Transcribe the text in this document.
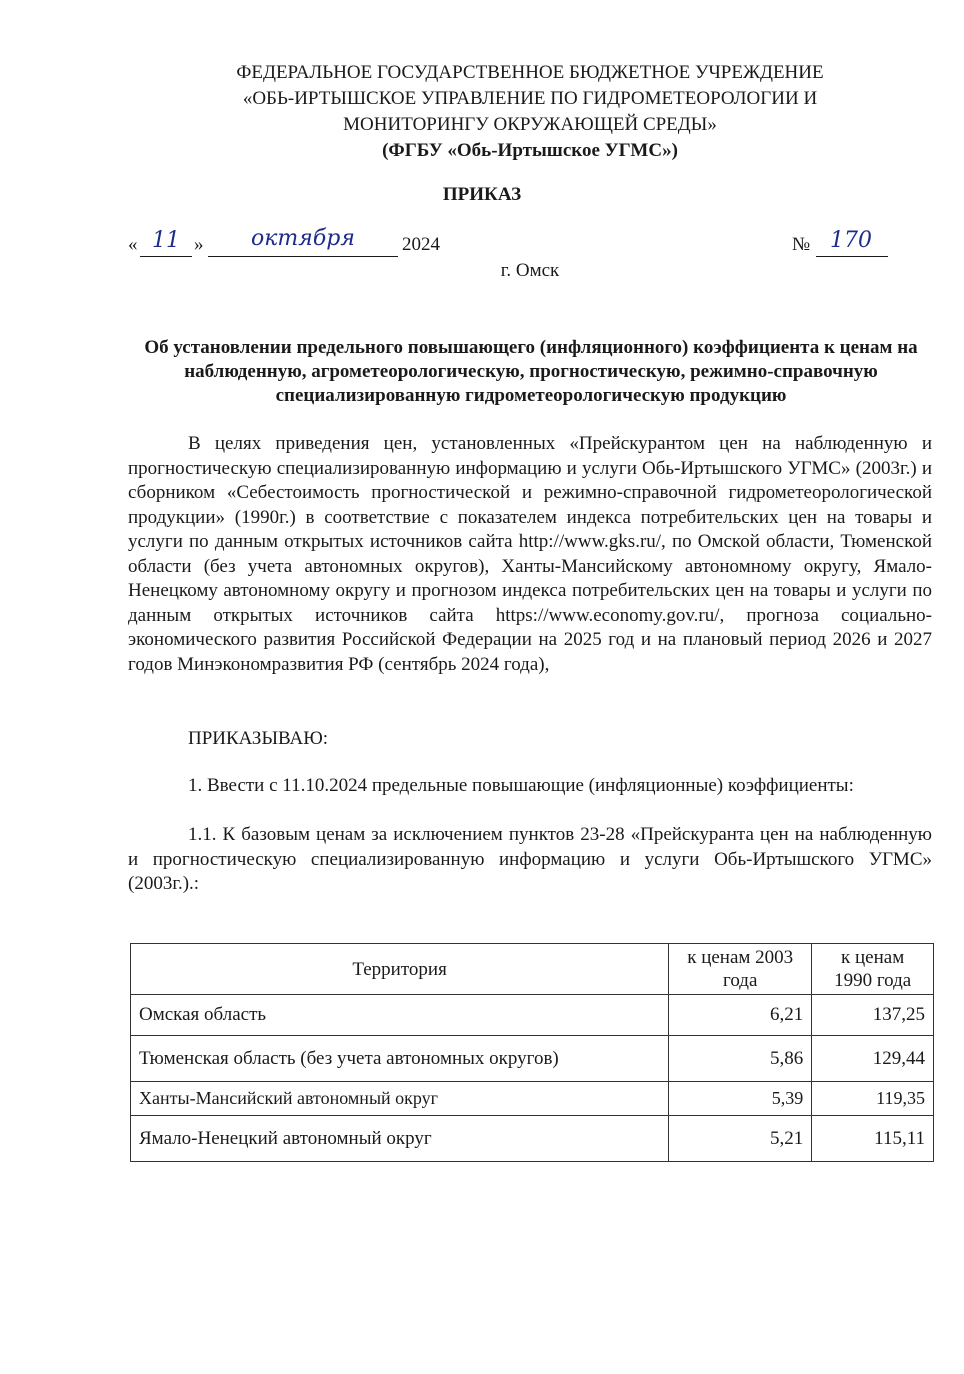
ФЕДЕРАЛЬНОЕ ГОСУДАРСТВЕННОЕ БЮДЖЕТНОЕ УЧРЕЖДЕНИЕ
«ОБЬ-ИРТЫШСКОЕ УПРАВЛЕНИЕ ПО ГИДРОМЕТЕОРОЛОГИИ И
МОНИТОРИНГУ ОКРУЖАЮЩЕЙ СРЕДЫ»
(ФГБУ «Обь-Иртышское УГМС»)
ПРИКАЗ
« 11 »	октября	2024	№ 170
г. Омск
Об установлении предельного повышающего (инфляционного) коэффициента к ценам на наблюденную, агрометеорологическую, прогностическую, режимно-справочную специализированную гидрометеорологическую продукцию
В целях приведения цен, установленных «Прейскурантом цен на наблюденную и прогностическую специализированную информацию и услуги Обь-Иртышского УГМС» (2003г.) и сборником «Себестоимость прогностической и режимно-справочной гидрометеорологической продукции» (1990г.) в соответствие с показателем индекса потребительских цен на товары и услуги по данным открытых источников сайта http://www.gks.ru/, по Омской области, Тюменской области (без учета автономных округов), Ханты-Мансийскому автономному округу, Ямало-Ненецкому автономному округу и прогнозом индекса потребительских цен на товары и услуги по данным открытых источников сайта https://www.economy.gov.ru/, прогноза социально-экономического развития Российской Федерации на 2025 год и на плановый период 2026 и 2027 годов Минэкономразвития РФ (сентябрь 2024 года),
ПРИКАЗЫВАЮ:
1. Ввести с 11.10.2024 предельные повышающие (инфляционные) коэффициенты:
1.1. К базовым ценам за исключением пунктов 23-28 «Прейскуранта цен на наблюденную и прогностическую специализированную информацию и услуги Обь-Иртышского УГМС» (2003г.).:
Территория	к ценам 2003 года	к ценам 1990 года
Омская область	6,21	137,25
Тюменская область (без учета автономных округов)	5,86	129,44
Ханты-Мансийский автономный округ	5,39	119,35
Ямало-Ненецкий автономный округ	5,21	115,11
